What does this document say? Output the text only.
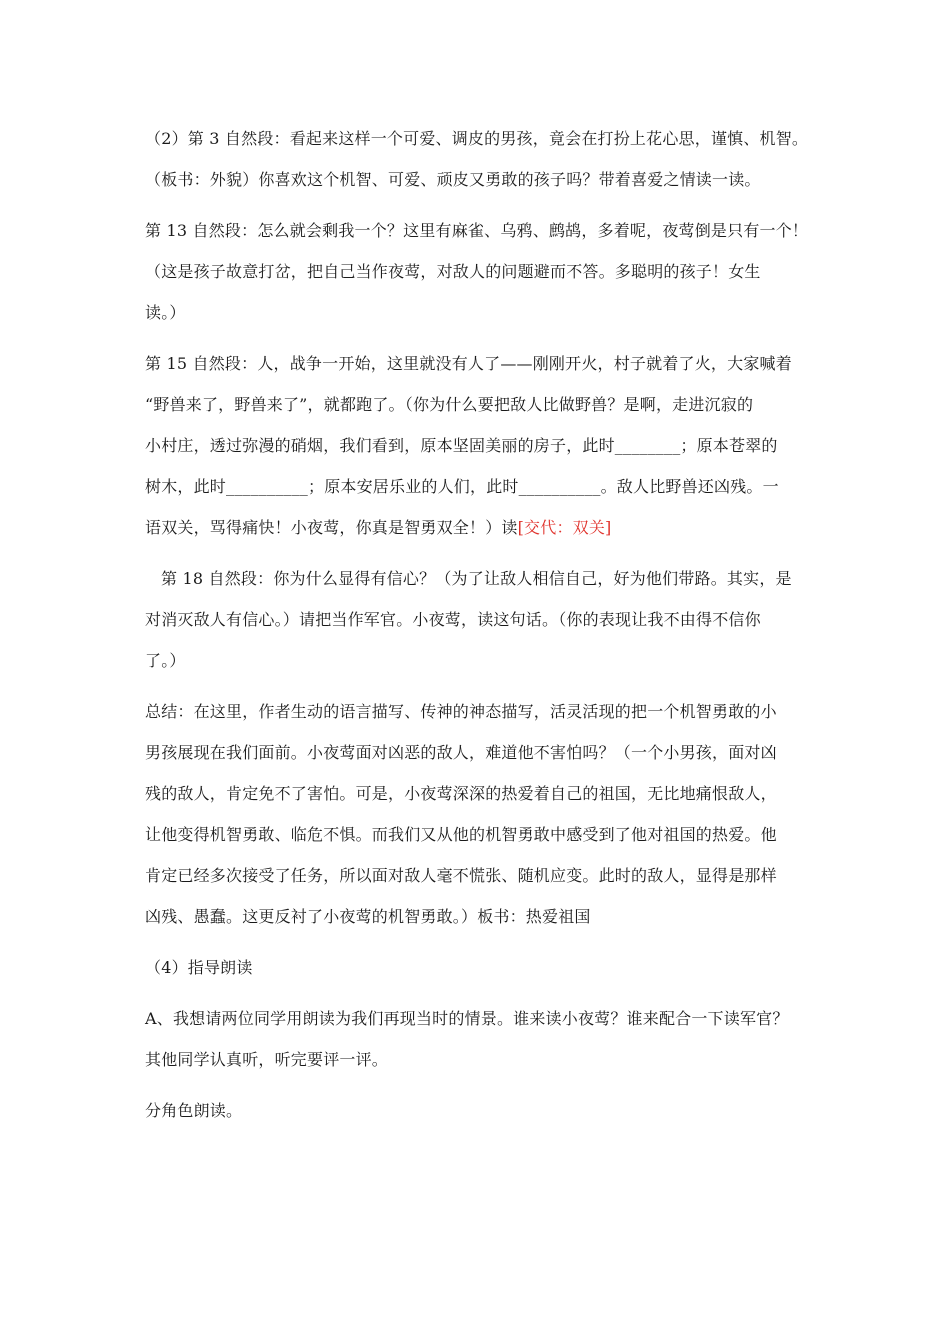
（2）第 3 自然段：看起来这样一个可爱、调皮的男孩，竟会在打扮上花心思，谨慎、机智。
（板书：外貌）你喜欢这个机智、可爱、顽皮又勇敢的孩子吗？带着喜爱之情读一读。
第 13 自然段：怎么就会剩我一个？这里有麻雀、乌鸦、鹧鸪，多着呢，夜莺倒是只有一个！
（这是孩子故意打岔，把自己当作夜莺，对敌人的问题避而不答。多聪明的孩子！女生
读。）
第 15 自然段：人，战争一开始，这里就没有人了——刚刚开火，村子就着了火，大家喊着
“野兽来了，野兽来了”，就都跑了。（你为什么要把敌人比做野兽？是啊，走进沉寂的
小村庄，透过弥漫的硝烟，我们看到，原本坚固美丽的房子，此时________；原本苍翠的
树木，此时__________；原本安居乐业的人们，此时__________。敌人比野兽还凶残。一
语双关，骂得痛快！小夜莺，你真是智勇双全！）读[交代：双关]
第 18 自然段：你为什么显得有信心？（为了让敌人相信自己，好为他们带路。其实，是
对消灭敌人有信心。）请把当作军官。小夜莺，读这句话。（你的表现让我不由得不信你
了。）
总结：在这里，作者生动的语言描写、传神的神态描写，活灵活现的把一个机智勇敢的小
男孩展现在我们面前。小夜莺面对凶恶的敌人，难道他不害怕吗？（一个小男孩，面对凶
残的敌人，肯定免不了害怕。可是，小夜莺深深的热爱着自己的祖国，无比地痛恨敌人，
让他变得机智勇敢、临危不惧。而我们又从他的机智勇敢中感受到了他对祖国的热爱。他
肯定已经多次接受了任务，所以面对敌人毫不慌张、随机应变。此时的敌人，显得是那样
凶残、愚蠢。这更反衬了小夜莺的机智勇敢。）板书：热爱祖国
（4）指导朗读
A、我想请两位同学用朗读为我们再现当时的情景。谁来读小夜莺？谁来配合一下读军官？
其他同学认真听，听完要评一评。
分角色朗读。
